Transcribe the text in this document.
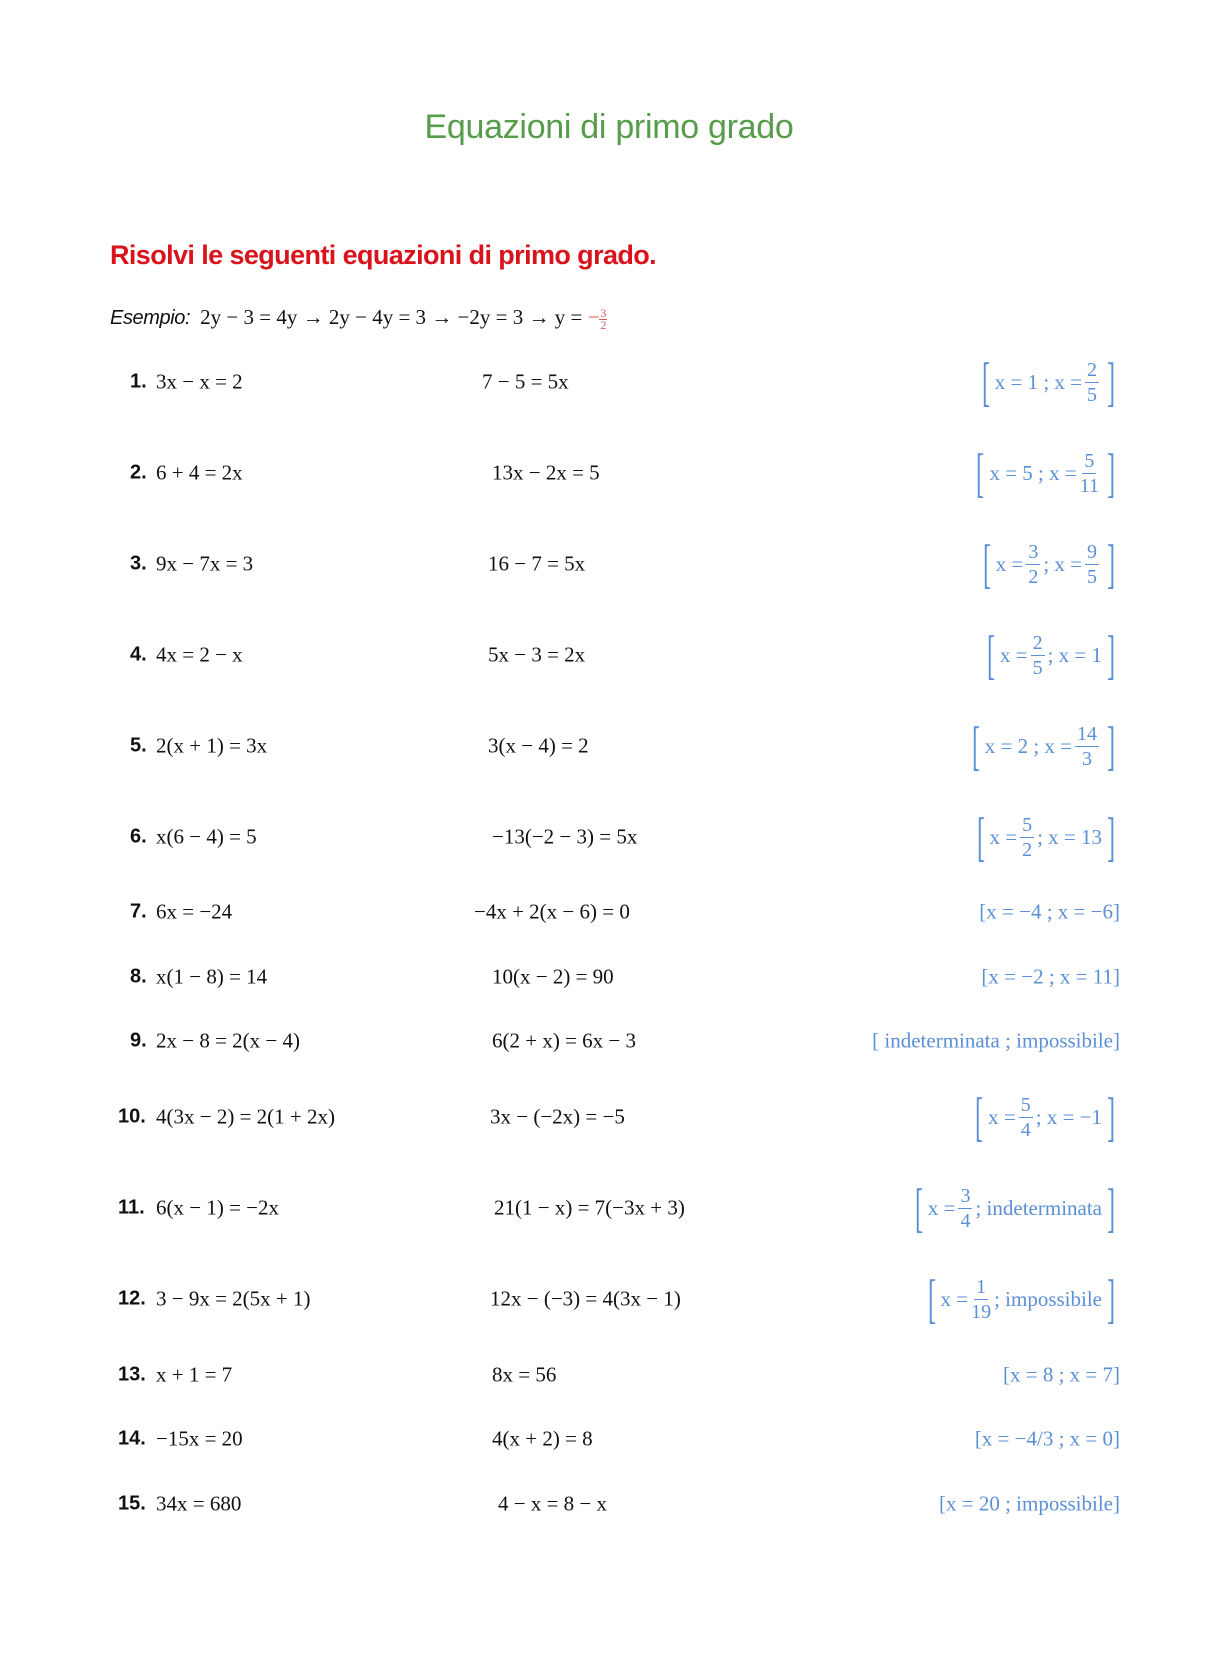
Equazioni di primo grado
Risolvi le seguenti equazioni di primo grado.
Esempio: 2y − 3 = 4y → 2y − 4y = 3 → −2y = 3 → y = − $\frac{3}{2}$
1. 3x − x = 2	7 − 5 = 5x	[ x = 1 ; $x = \frac{2}{5}$ ]
2. 6 + 4 = 2x	13x − 2x = 5	[ x = 5 ; $x = \frac{5}{11}$ ]
3. 9x − 7x = 3	16 − 7 = 5x	[ $x = \frac{3}{2}$ ; $x = \frac{9}{5}$ ]
4. 4x = 2 − x	5x − 3 = 2x	[ $x = \frac{2}{5}$ ; x = 1 ]
5. 2(x + 1) = 3x	3(x − 4) = 2	[ x = 2 ; $x = \frac{14}{3}$ ]
6. x(6 − 4) = 5	−13(−2 − 3) = 5x	[ $x = \frac{5}{2}$ ; x = 13 ]
7. 6x = −24	−4x + 2(x − 6) = 0	[x = −4 ; x = −6]
8. x(1 − 8) = 14	10(x − 2) = 90	[x = −2 ; x = 11]
9. 2x − 8 = 2(x − 4)	6(2 + x) = 6x − 3	[ indeterminata ; impossibile]
10. 4(3x − 2) = 2(1 + 2x)	3x − (−2x) = −5	[ $x = \frac{5}{4}$ ; x = −1 ]
11. 6(x − 1) = −2x	21(1 − x) = 7(−3x + 3)	[ $x = \frac{3}{4}$ ; indeterminata ]
12. 3 − 9x = 2(5x + 1)	12x − (−3) = 4(3x − 1)	[ $x = \frac{1}{19}$ ; impossibile ]
13. x + 1 = 7	8x = 56	[x = 8 ; x = 7]
14. −15x = 20	4(x + 2) = 8	[x = −4/3 ; x = 0]
15. 34x = 680	4 − x = 8 − x	[x = 20 ; impossibile]
